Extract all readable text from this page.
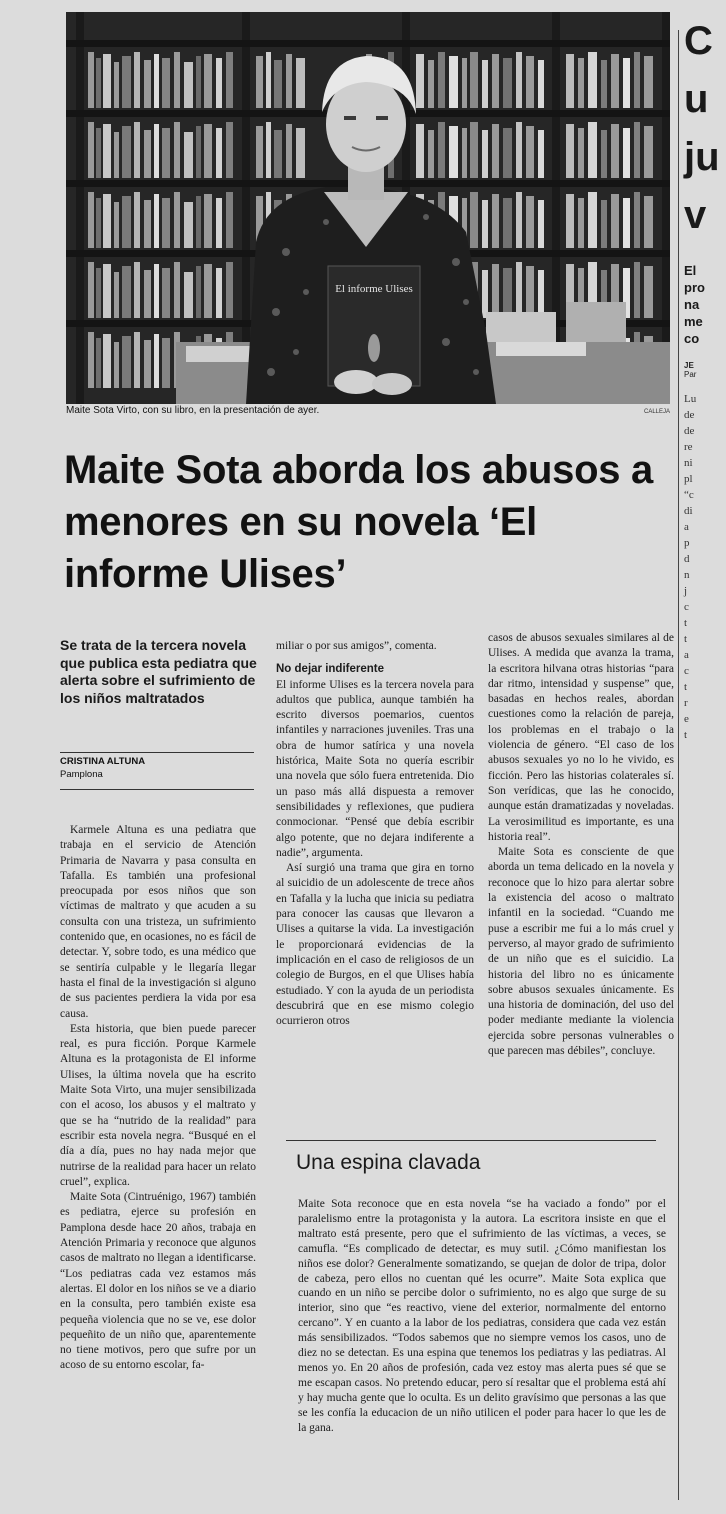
El informe Ulises
Maite Sota Virto, con su libro, en la presentación de ayer.	CALLEJA
Maite Sota aborda los abusos a menores en su novela ‘El informe Ulises’
Se trata de la tercera novela que publica esta pediatra que alerta sobre el sufrimiento de los niños maltratados
CRISTINA ALTUNA
Pamplona

Karmele Altuna es una pediatra que trabaja en el servicio de Atención Primaria de Navarra y pasa consulta en Tafalla. Es también una profesional preocupada por esos niños que son víctimas de maltrato y que acuden a su consulta con una tristeza, un sufrimiento contenido que, en ocasiones, no es fácil de detectar. Y, sobre todo, es una médico que se sentiría culpable y le llegaría llegar hasta el final de la investigación si alguno de sus pacientes perdiera la vida por esa causa.

Esta historia, que bien puede parecer real, es pura ficción. Porque Karmele Altuna es la protagonista de El informe Ulises, la última novela que ha escrito Maite Sota Virto, una mujer sensibilizada con el acoso, los abusos y el maltrato y que se ha “nutrido de la realidad” para escribir esta novela negra. “Busqué en el día a día, pues no hay nada mejor que nutrirse de la realidad para hacer un relato cruel”, explica.

Maite Sota (Cintruénigo, 1967) también es pediatra, ejerce su profesión en Pamplona desde hace 20 años, trabaja en Atención Primaria y reconoce que algunos casos de maltrato no llegan a identificarse. “Los pediatras cada vez estamos más alertas. El dolor en los niños se ve a diario en la consulta, pero también existe esa pequeña violencia que no se ve, ese dolor pequeñito de un niño que, aparentemente no tiene motivos, pero que sufre por un acoso de su entorno escolar, fa-

miliar o por sus amigos”, comenta.

No dejar indiferente

El informe Ulises es la tercera novela para adultos que publica, aunque también ha escrito diversos poemarios, cuentos infantiles y narraciones juveniles. Tras una obra de humor satírica y una novela histórica, Maite Sota no quería escribir una novela que sólo fuera entretenida. Dio un paso más allá dispuesta a remover sensibilidades y reflexiones, que pudiera conmocionar. “Pensé que debía escribir algo potente, que no dejara indiferente a nadie”, argumenta.

Así surgió una trama que gira en torno al suicidio de un adolescente de trece años en Tafalla y la lucha que inicia su pediatra para conocer las causas que llevaron a Ulises a quitarse la vida. La investigación le proporcionará evidencias de la implicación en el caso de religiosos de un colegio de Burgos, en el que Ulises había estudiado. Y con la ayuda de un periodista descubrirá que en ese mismo colegio ocurrieron otros

casos de abusos sexuales similares al de Ulises. A medida que avanza la trama, la escritora hilvana otras historias “para dar ritmo, intensidad y suspense” que, basadas en hechos reales, abordan cuestiones como la relación de pareja, los problemas en el trabajo o la violencia de género. “El caso de los abusos sexuales yo no lo he vivido, es ficción. Pero las historias colaterales sí. Son verídicas, que las he conocido, aunque están dramatizadas y noveladas. La verosimilitud es importante, es una historia real”.

Maite Sota es consciente de que aborda un tema delicado en la novela y reconoce que lo hizo para alertar sobre la existencia del acoso o maltrato infantil en la sociedad. “Cuando me puse a escribir me fui a lo más cruel y perverso, al mayor grado de sufrimiento de un niño que es el suicidio. La historia del libro no es únicamente sobre abusos sexuales únicamente. Es una historia de dominación, del uso del poder mediante mediante la violencia ejercida sobre personas vulnerables o que parecen mas débiles”, concluye.

Una espina clavada
Maite Sota reconoce que en esta novela “se ha vaciado a fondo” por el paralelismo entre la protagonista y la autora. La escritora insiste en que el maltrato está presente, pero que el sufrimiento de las víctimas, a veces, se camufla. “Es complicado de detectar, es muy sutil. ¿Cómo manifiestan los niños ese dolor? Generalmente somatizando, se quejan de dolor de tripa, dolor de cabeza, pero ellos no cuentan qué les ocurre”. Maite Sota explica que cuando en un niño se percibe dolor o sufrimiento, no es algo que surge de su interior, sino que “es reactivo, viene del exterior, normalmente del entorno cercano”. Y en cuanto a la labor de los pediatras, considera que cada vez están más sensibilizados. “Todos sabemos que no siempre vemos los casos, uno de diez no se detectan. Es una espina que tenemos los pediatras y las pediatras. Al menos yo. En 20 años de profesión, cada vez estoy mas alerta pues sé que se me escapan casos. No pretendo educar, pero sí resaltar que el problema está ahí y hay mucha gente que lo oculta. Es un delito gravísimo que personas a las que se les confía la educacion de un niño utilicen el poder para hacer lo que les de la gana.
C
u
ju
v
El
pro
na
me
co
JE
Par
Lu
de
de
re
ni
pl
“c
di
a
p
d
n
j
c
t
t
a
c
t
r
e
t
